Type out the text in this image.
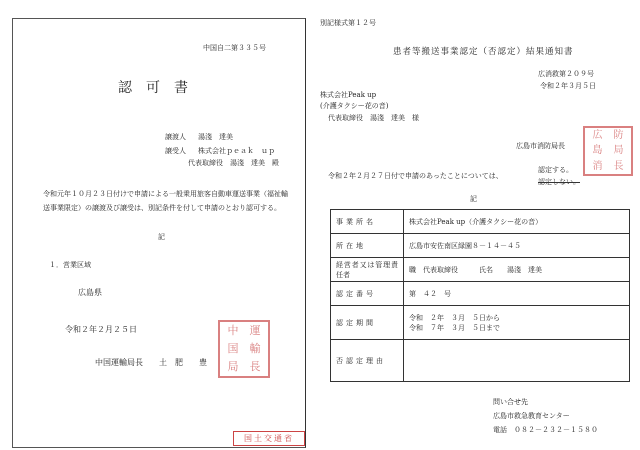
中国自二第３３５号
認可書
譲渡人 湯淺　達美
譲受人 株式会社ｐｅａｋ　ｕｐ
代表取締役　湯淺　達美　殿
令和元年１０月２３日付けで申請による一般乗用旅客自動車運送事業（福祉輸
送事業限定）の譲渡及び譲受は、別記条件を付して申請のとおり認可する。
記
１．営業区域
広島県
令和２年２月２５日
中国運輸局長　　土　肥　　豊
中	運
国	輸
局	長
国土交通省
別記様式第１２号
患者等搬送事業認定（否認定）結果通知書
広消救第２０９号
令和２年３月５日
株式会社Peak up
(介護タクシー花の音)
代表取締役　湯淺　達美　様
広島市消防局長
広	防
島	局
消	長
認定する。
令和２年２月２７日付で申請のあったことについては、
認定しない。
記
事業所名	株式会社Peak up（介護タクシー花の音）
所在地	広島市安佐南区緑園８－１４－４５
経営者又は管理責任者	職　代表取締役　　　氏名　　湯淺　達美
認定番号	第　４２　号
認定期間	令和　２年　３月　５日から
令和　７年　３月　５日まで

否認定理由	
問い合せ先
広島市救急教育センター
電話　０８２－２３２－１５８０
